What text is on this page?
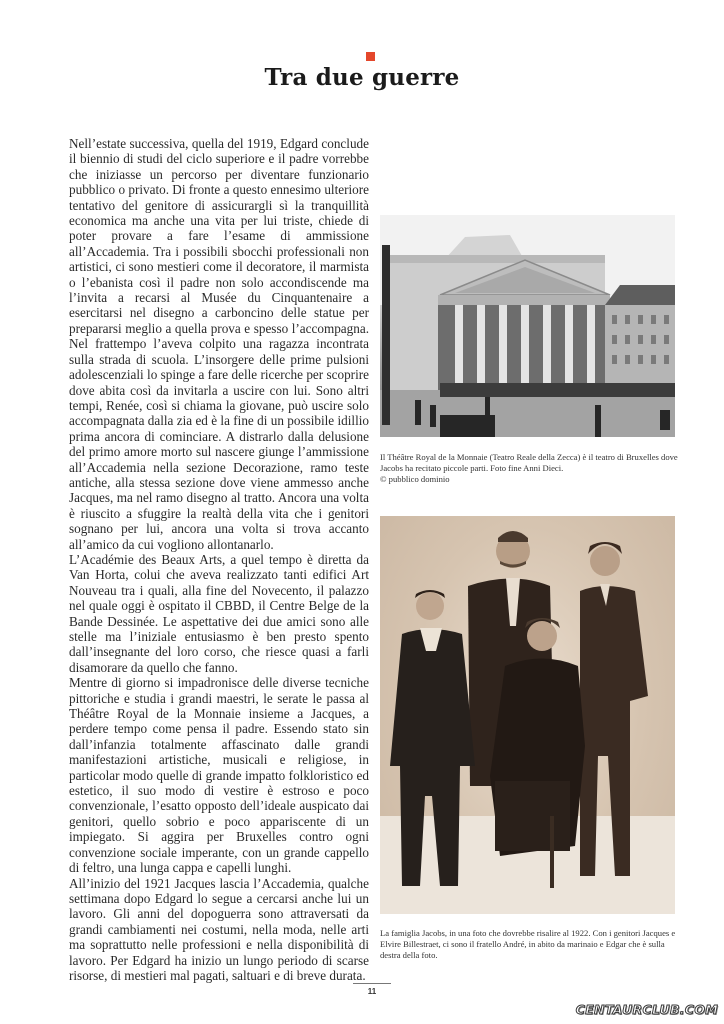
Tra due guerre

Nell’estate successiva, quella del 1919, Edgard conclude il biennio di studi del ciclo superiore e il padre vorrebbe che iniziasse un percorso per diventare funzionario pubblico o privato. Di fronte a questo ennesimo ulteriore tentativo del genitore di assicurargli sì la tranquillità economica ma anche una vita per lui triste, chiede di poter provare a fare l’esame di ammissione all’Accademia. Tra i possibili sbocchi professionali non artistici, ci sono mestieri come il decoratore, il marmista o l’ebanista così il padre non solo accondiscende ma l’invita a recarsi al Musée du Cinquantenaire a esercitarsi nel disegno a carboncino delle statue per prepararsi meglio a quella prova e spesso l’accompagna. Nel frattempo l’aveva colpito una ragazza incontrata sulla strada di scuola. L’insorgere delle prime pulsioni adolescenziali lo spinge a fare delle ricerche per scoprire dove abita così da invitarla a uscire con lui. Sono altri tempi, Renée, così si chiama la giovane, può uscire solo accompagnata dalla zia ed è la fine di un possibile idillio prima ancora di cominciare. A distrarlo dalla delusione del primo amore morto sul nascere giunge l’ammissione all’Accademia nella sezione Decorazione, ramo teste antiche, alla stessa sezione dove viene ammesso anche Jacques, ma nel ramo disegno al tratto. Ancora una volta è riuscito a sfuggire la realtà della vita che i genitori sognano per lui, ancora una volta si trova accanto all’amico da cui vogliono allontanarlo.

L’Académie des Beaux Arts, a quel tempo è diretta da Van Horta, colui che aveva realizzato tanti edifici Art Nouveau tra i quali, alla fine del Novecento, il palazzo nel quale oggi è ospitato il CBBD, il Centre Belge de la Bande Dessinée. Le aspettative dei due amici sono alle stelle ma l’iniziale entusiasmo è ben presto spento dall’insegnante del loro corso, che riesce quasi a farli disamorare da quello che fanno.

Mentre di giorno si impadronisce delle diverse tecniche pittoriche e studia i grandi maestri, le serate le passa al Théâtre Royal de la Monnaie insieme a Jacques, a perdere tempo come pensa il padre. Essendo stato sin dall’infanzia totalmente affascinato dalle grandi manifestazioni artistiche, musicali e religiose, in particolar modo quelle di grande impatto folkloristico ed estetico, il suo modo di vestire è estroso e poco convenzionale, l’esatto opposto dell’ideale auspicato dai genitori, quello sobrio e poco appariscente di un impiegato. Si aggira per Bruxelles contro ogni convenzione sociale imperante, con un grande cappello di feltro, una lunga cappa e capelli lunghi.

All’inizio del 1921 Jacques lascia l’Accademia, qualche settimana dopo Edgard lo segue a cercarsi anche lui un lavoro. Gli anni del dopoguerra sono attraversati da grandi cambiamenti nei costumi, nella moda, nelle arti ma soprattutto nelle professioni e nella disponibilità di lavoro. Per Edgard ha inizio un lungo periodo di scarse risorse, di mestieri mal pagati, saltuari e di breve durata.

Il Théâtre Royal de la Monnaie (Teatro Reale della Zecca) è il teatro di Bruxelles dove Jacobs ha recitato piccole parti. Foto fine Anni Dieci.
© pubblico dominio
La famiglia Jacobs, in una foto che dovrebbe risalire al 1922. Con i genitori Jacques e Elvire Billestraet, ci sono il fratello André, in abito da marinaio e Edgar che è sulla destra della foto.
11
CENTAURCLUB.COM
